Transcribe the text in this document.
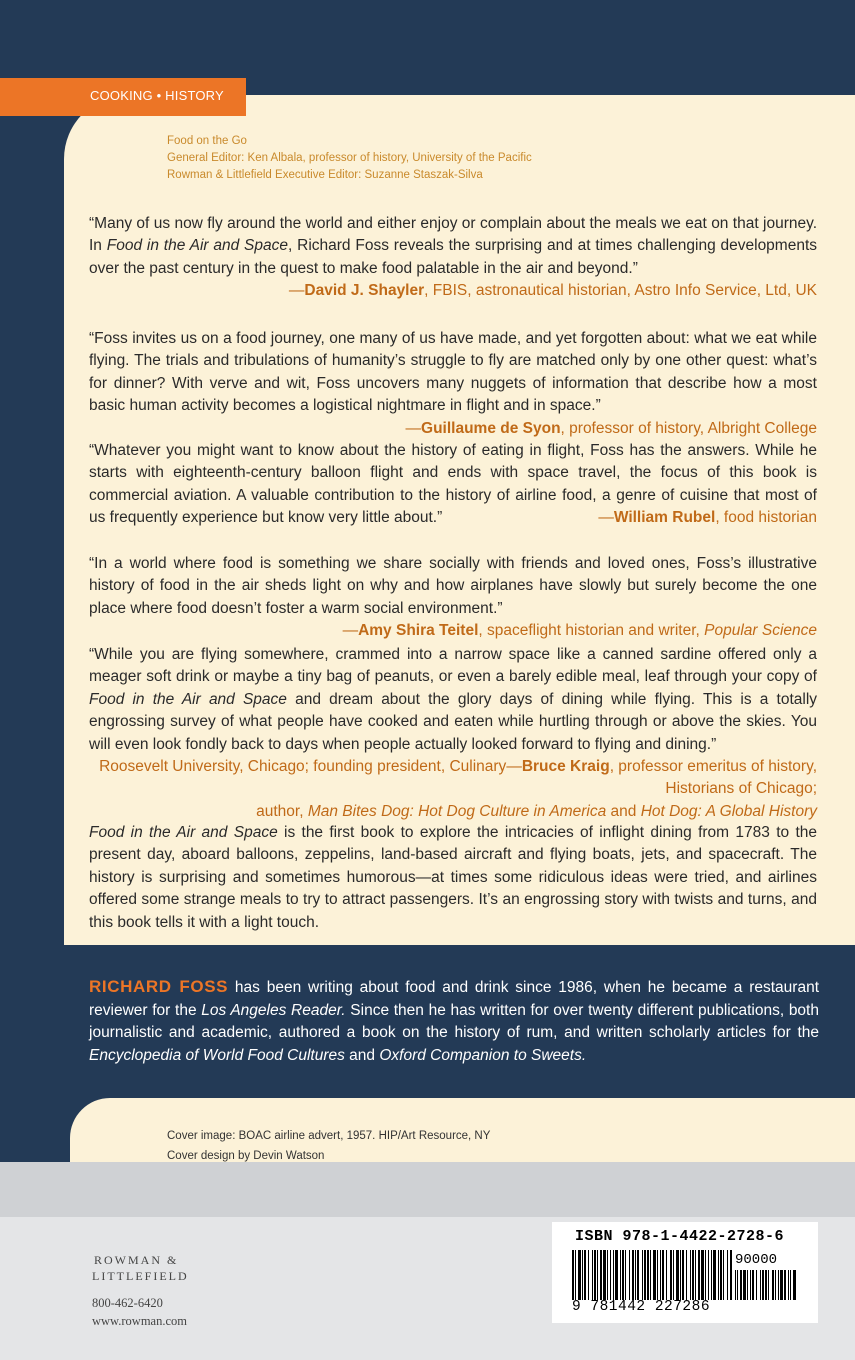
COOKING • HISTORY
Food on the Go
General Editor: Ken Albala, professor of history, University of the Pacific
Rowman & Littlefield Executive Editor: Suzanne Staszak-Silva
“Many of us now fly around the world and either enjoy or complain about the meals we eat on that journey. In Food in the Air and Space, Richard Foss reveals the surprising and at times challenging developments over the past century in the quest to make food palatable in the air and beyond.”
—David J. Shayler, FBIS, astronautical historian, Astro Info Service, Ltd, UK
“Foss invites us on a food journey, one many of us have made, and yet forgotten about: what we eat while flying. The trials and tribulations of humanity’s struggle to fly are matched only by one other quest: what’s for dinner? With verve and wit, Foss uncovers many nuggets of information that describe how a most basic human activity becomes a logistical nightmare in flight and in space.”
—Guillaume de Syon, professor of history, Albright College
“Whatever you might want to know about the history of eating in flight, Foss has the answers. While he starts with eighteenth-century balloon flight and ends with space travel, the focus of this book is commercial aviation. A valuable contribution to the history of airline food, a genre of cuisine that most of us frequently experience but know very little about.”	—William Rubel, food historian
“In a world where food is something we share socially with friends and loved ones, Foss’s illustrative history of food in the air sheds light on why and how airplanes have slowly but surely become the one place where food doesn’t foster a warm social environment.”
—Amy Shira Teitel, spaceflight historian and writer, Popular Science
“While you are flying somewhere, crammed into a narrow space like a canned sardine offered only a meager soft drink or maybe a tiny bag of peanuts, or even a barely edible meal, leaf through your copy of Food in the Air and Space and dream about the glory days of dining while flying. This is a totally engrossing survey of what people have cooked and eaten while hurtling through or above the skies. You will even look fondly back to days when people actually looked forward to flying and dining.”
—Bruce Kraig, professor emeritus of history,
Roosevelt University, Chicago; founding president, Culinary Historians of Chicago;
author, Man Bites Dog: Hot Dog Culture in America and Hot Dog: A Global History
Food in the Air and Space is the first book to explore the intricacies of inflight dining from 1783 to the present day, aboard balloons, zeppelins, land-based aircraft and flying boats, jets, and spacecraft. The history is surprising and sometimes humorous—at times some ridiculous ideas were tried, and airlines offered some strange meals to try to attract passengers. It’s an engrossing story with twists and turns, and this book tells it with a light touch.
RICHARD FOSS has been writing about food and drink since 1986, when he became a restaurant reviewer for the Los Angeles Reader. Since then he has written for over twenty different publications, both journalistic and academic, authored a book on the history of rum, and written scholarly articles for the Encyclopedia of World Food Cultures and Oxford Companion to Sweets.
Cover image: BOAC airline advert, 1957. HIP/Art Resource, NY
Cover design by Devin Watson
ROWMAN &
LITTLEFIELD
800-462-6420
www.rowman.com
ISBN 978-1-4422-2728-6
90000
9 781442 227286
